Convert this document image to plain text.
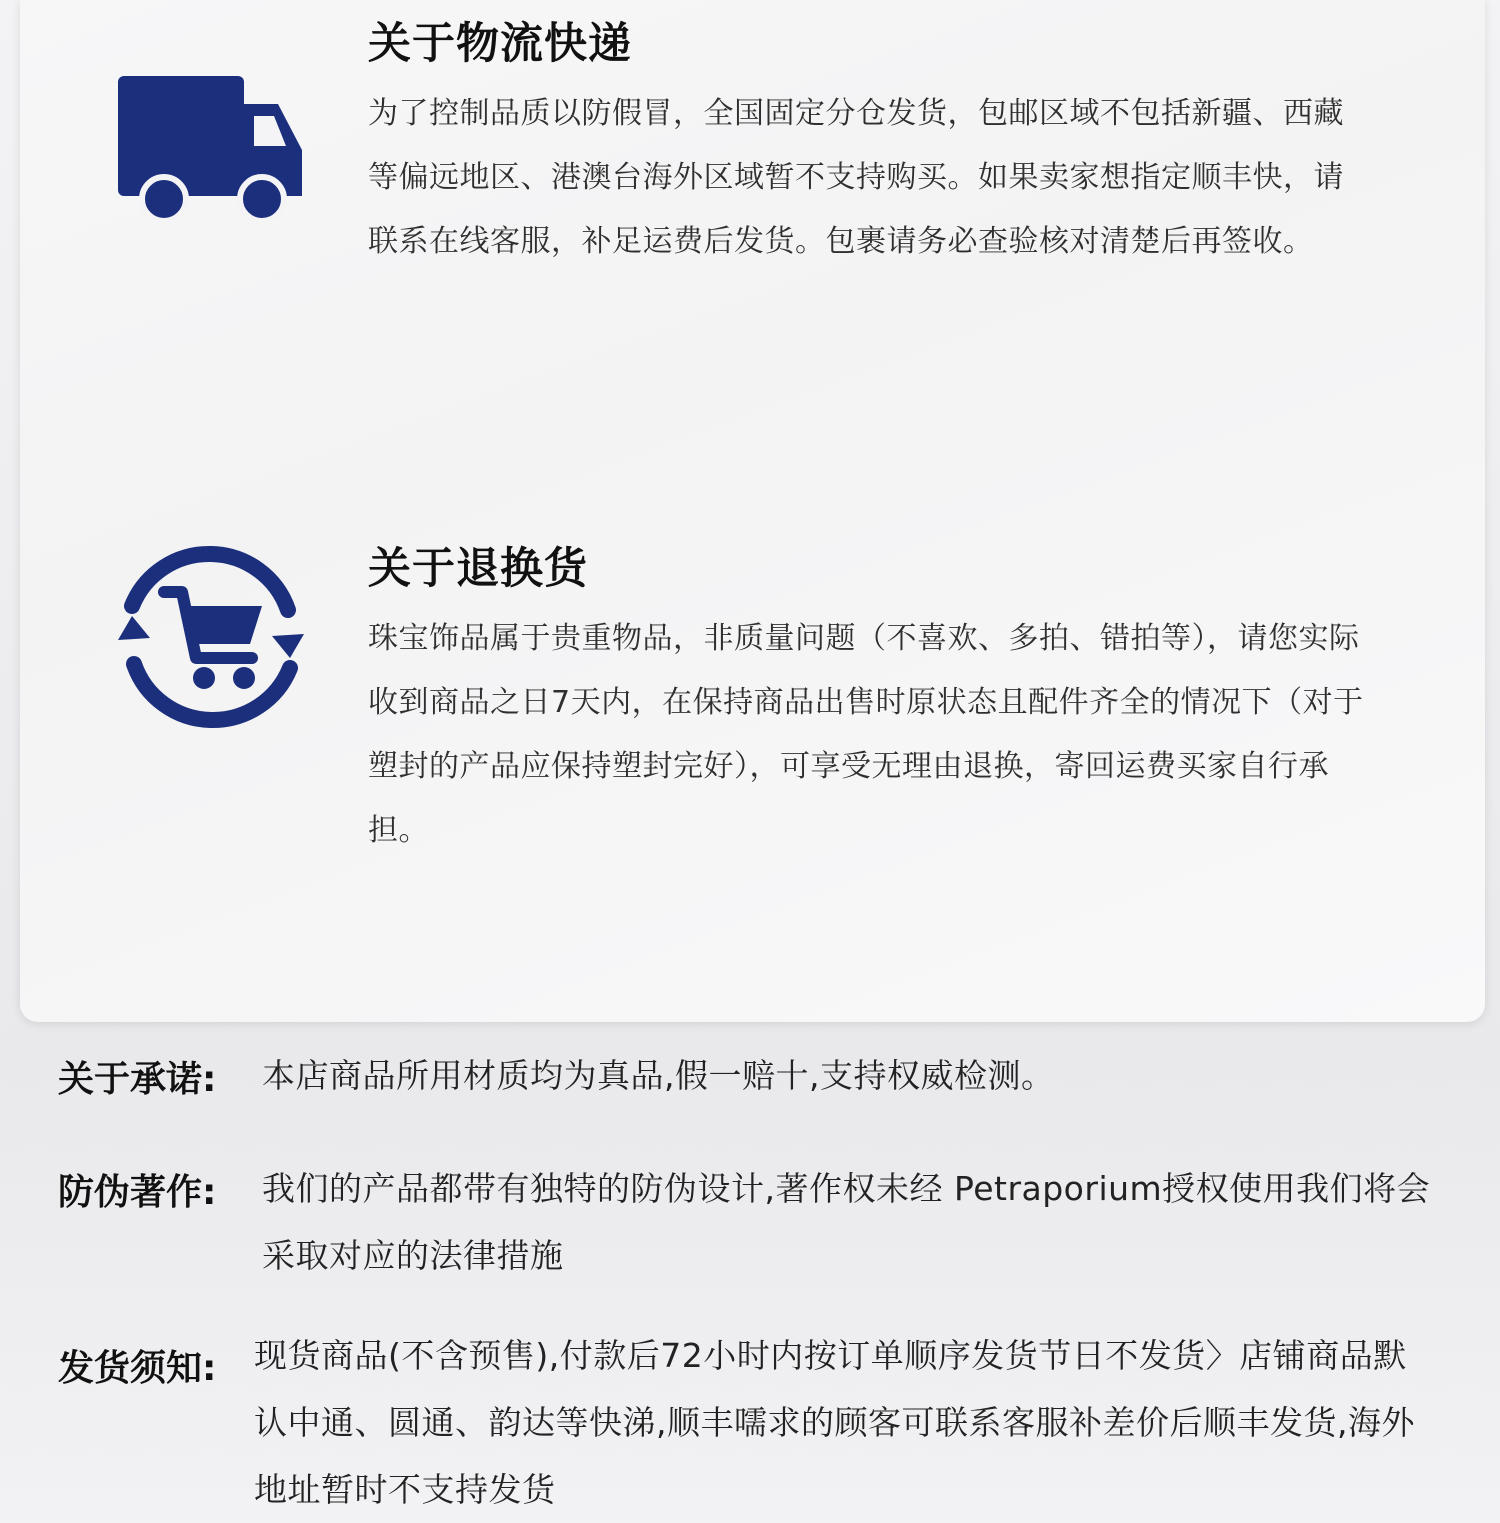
关于物流快递

为了控制品质以防假冒，全国固定分仓发货，包邮区域不包括新疆、西藏等偏远地区、港澳台海外区域暂不支持购买。如果卖家想指定顺丰快，请联系在线客服，补足运费后发货。包裹请务必查验核对清楚后再签收。

关于退换货

珠宝饰品属于贵重物品，非质量问题（不喜欢、多拍、错拍等），请您实际收到商品之日7天内，在保持商品出售时原状态且配件齐全的情况下（对于塑封的产品应保持塑封完好），可享受无理由退换，寄回运费买家自行承担。

关于承诺: 本店商品所用材质均为真品,假一赔十,支持权威检测。
防伪著作: 我们的产品都带有独特的防伪设计,著作权未经 Petraporium授权使用我们将会采取对应的法律措施
发货须知: 现货商品(不含预售),付款后72小时内按订单顺序发货节日不发货〉店铺商品默认中通、圆通、韵达等快涕,顺丰嚅求的顾客可联系客服补差价后顺丰发货,海外地址暂时不支持发货
